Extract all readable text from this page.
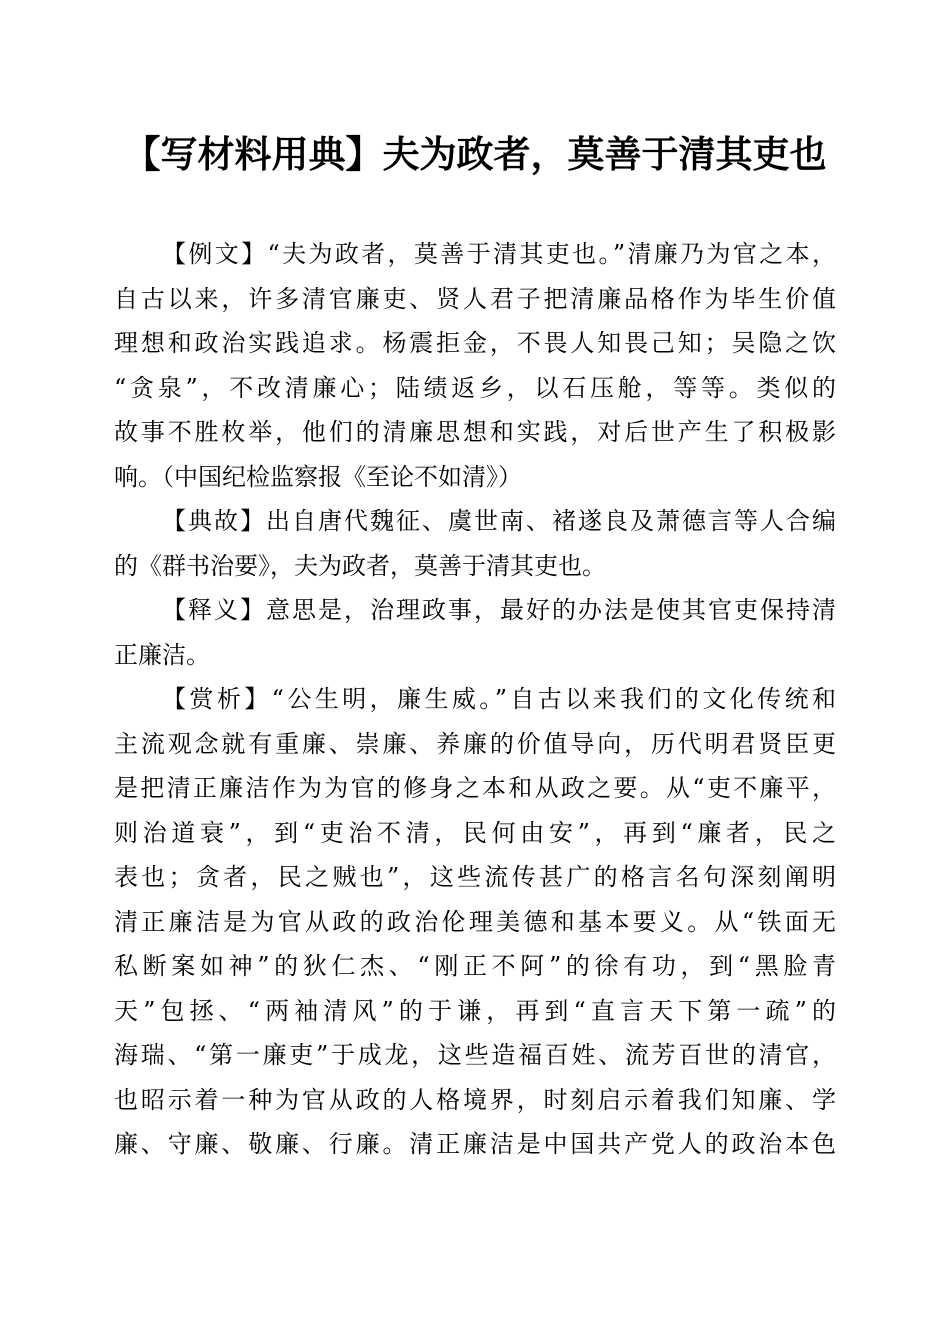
【写材料用典】夫为政者，莫善于清其吏也
【例文】“夫为政者，莫善于清其吏也。”清廉乃为官之本，
自古以来，许多清官廉吏、贤人君子把清廉品格作为毕生价值
理想和政治实践追求。杨震拒金，不畏人知畏己知；吴隐之饮
“贪泉”，不改清廉心；陆绩返乡，以石压舱，等等。类似的
故事不胜枚举，他们的清廉思想和实践，对后世产生了积极影
响。（中国纪检监察报《至论不如清》）
【典故】出自唐代魏征、虞世南、褚遂良及萧德言等人合编
的《群书治要》，夫为政者，莫善于清其吏也。
【释义】意思是，治理政事，最好的办法是使其官吏保持清
正廉洁。
【赏析】“公生明，廉生威。”自古以来我们的文化传统和
主流观念就有重廉、崇廉、养廉的价值导向，历代明君贤臣更
是把清正廉洁作为为官的修身之本和从政之要。从“吏不廉平，
则治道衰”，到“吏治不清，民何由安”，再到“廉者，民之
表也；贪者，民之贼也”，这些流传甚广的格言名句深刻阐明
清正廉洁是为官从政的政治伦理美德和基本要义。从“铁面无
私断案如神”的狄仁杰、“刚正不阿”的徐有功，到“黑脸青
天”包拯、“两袖清风”的于谦，再到“直言天下第一疏”的
海瑞、“第一廉吏”于成龙，这些造福百姓、流芳百世的清官，
也昭示着一种为官从政的人格境界，时刻启示着我们知廉、学
廉、守廉、敬廉、行廉。清正廉洁是中国共产党人的政治本色
